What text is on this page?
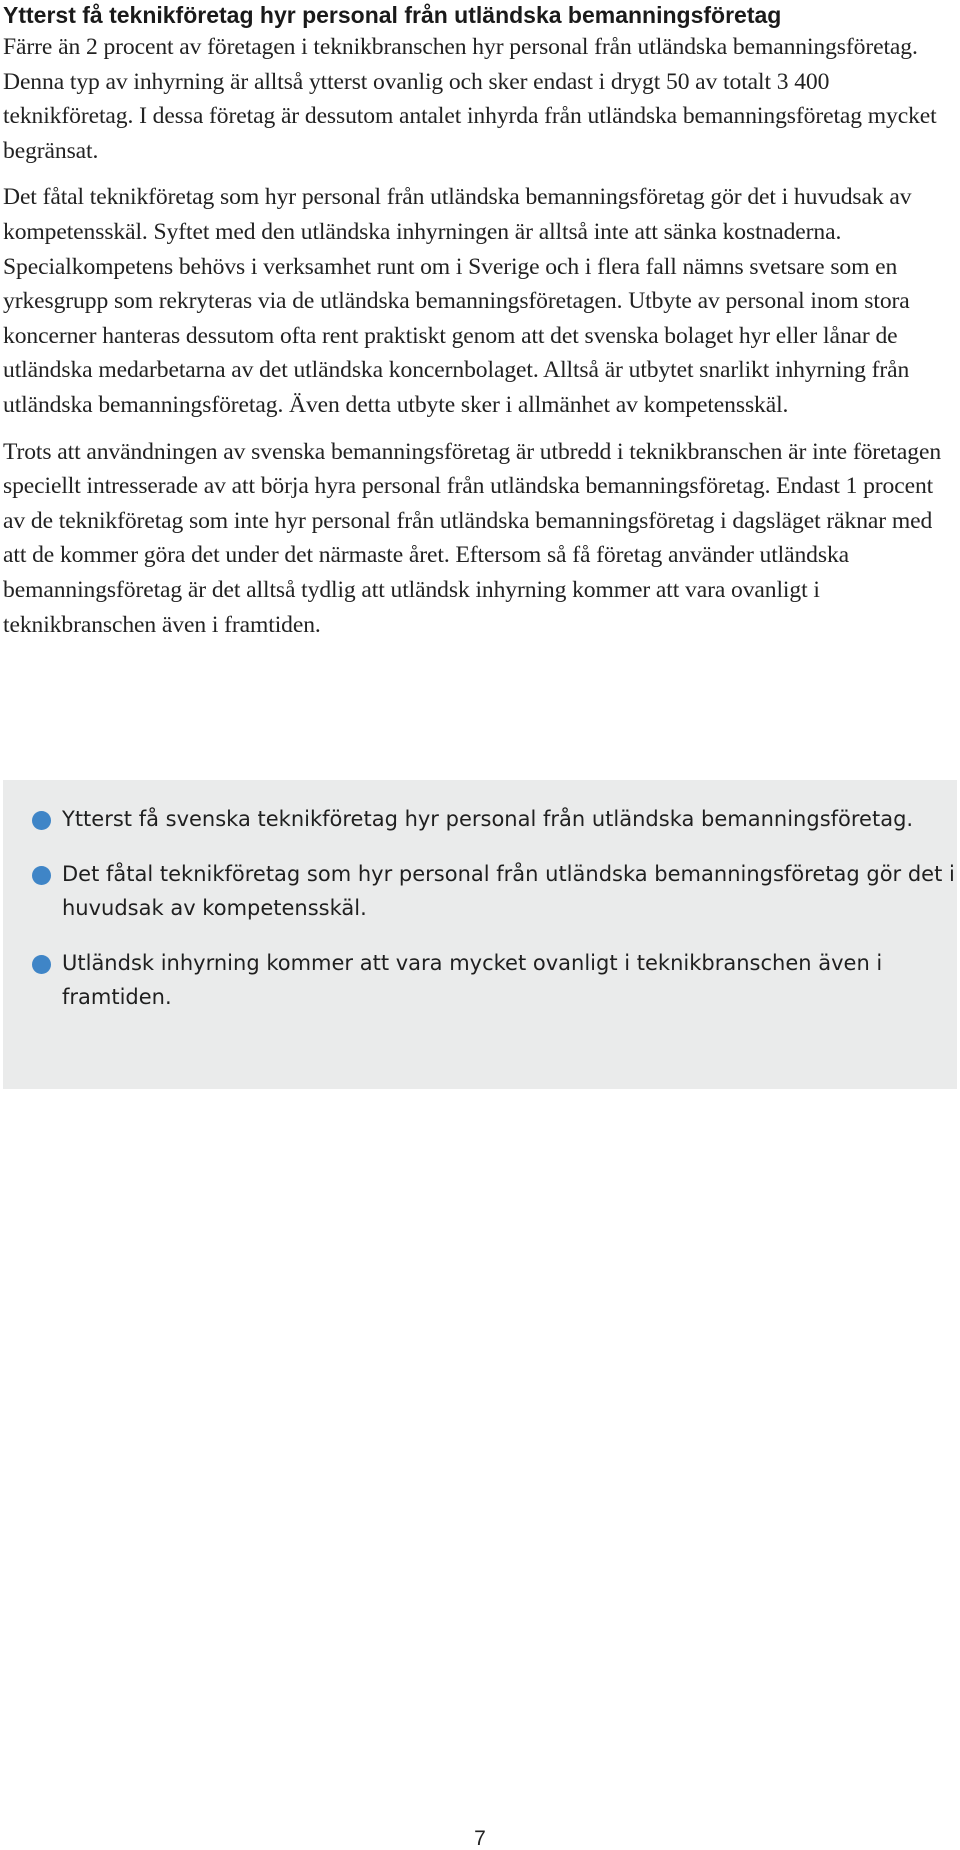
Ytterst få teknikföretag hyr personal från utländska bemanningsföretag

Färre än 2 procent av företagen i teknikbranschen hyr personal från utländska bemanningsföretag. Denna typ av inhyrning är alltså ytterst ovanlig och sker endast i drygt 50 av totalt 3 400 teknikföretag. I dessa företag är dessutom antalet inhyrda från utländska bemanningsföretag mycket begränsat.

Det fåtal teknikföretag som hyr personal från utländska bemanningsföretag gör det i huvudsak av kompetensskäl. Syftet med den utländska inhyrningen är alltså inte att sänka kostnaderna. Specialkompetens behövs i verksamhet runt om i Sverige och i flera fall nämns svetsare som en yrkesgrupp som rekryteras via de utländska bemanningsföretagen. Utbyte av personal inom stora koncerner hanteras dessutom ofta rent praktiskt genom att det svenska bolaget hyr eller lånar de utländska medarbetarna av det utländska koncernbolaget. Alltså är utbytet snarlikt inhyrning från utländska bemanningsföretag. Även detta utbyte sker i allmänhet av kompetensskäl.

Trots att användningen av svenska bemanningsföretag är utbredd i teknikbranschen är inte företagen speciellt intresserade av att börja hyra personal från utländska bemanningsföretag. Endast 1 procent av de teknikföretag som inte hyr personal från utländska bemanningsföretag i dagsläget räknar med att de kommer göra det under det närmaste året. Eftersom så få företag använder utländska bemanningsföretag är det alltså tydlig att utländsk inhyrning kommer att vara ovanligt i teknikbranschen även i framtiden.

Ytterst få svenska teknikföretag hyr personal från utländska bemanningsföretag.
Det fåtal teknikföretag som hyr personal från utländska bemanningsföretag gör det i huvudsak av kompetensskäl.
Utländsk inhyrning kommer att vara mycket ovanligt i teknikbranschen även i framtiden.
7
